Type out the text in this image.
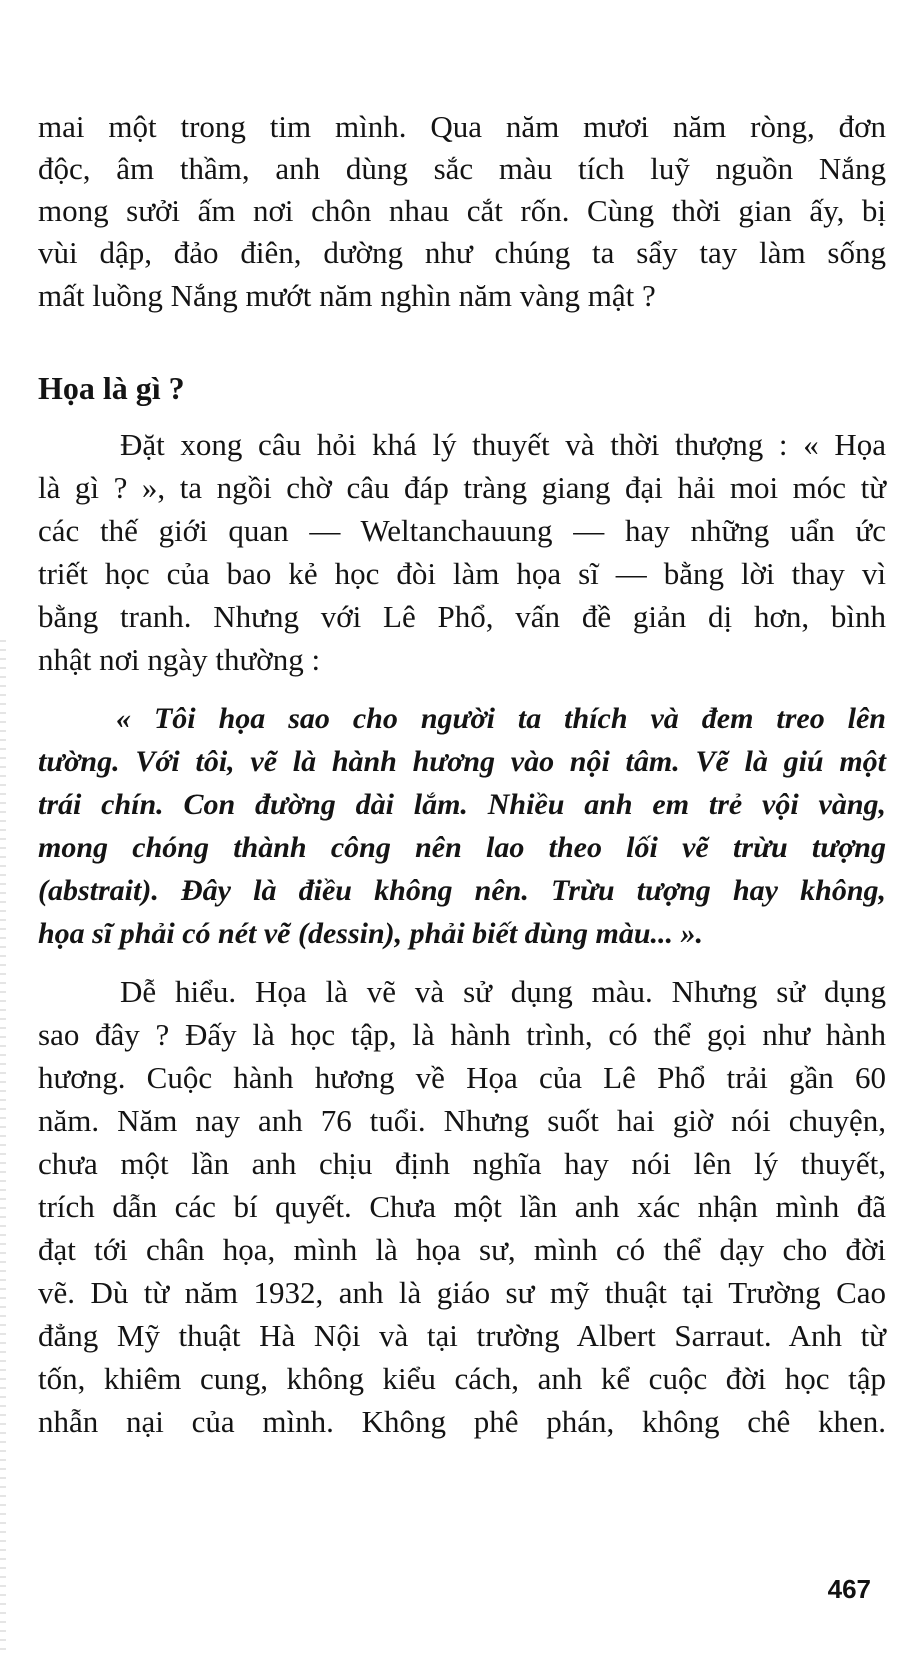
mai một trong tim mình. Qua năm mươi năm ròng, đơn
độc, âm thầm, anh dùng sắc màu tích luỹ nguồn Nắng
mong sưởi ấm nơi chôn nhau cắt rốn. Cùng thời gian ấy, bị
vùi dập, đảo điên, dường như chúng ta sẩy tay làm sống
mất luồng Nắng mướt năm nghìn năm vàng mật ?
Họa là gì ?
Đặt xong câu hỏi khá lý thuyết và thời thượng : « Họa
là gì ? », ta ngồi chờ câu đáp tràng giang đại hải moi móc từ
các thế giới quan — Weltanchauung — hay những uẩn ức
triết học của bao kẻ học đòi làm họa sĩ — bằng lời thay vì
bằng tranh. Nhưng với Lê Phổ, vấn đề giản dị hơn, bình
nhật nơi ngày thường :
« Tôi họa sao cho người ta thích và đem treo lên
tường. Với tôi, vẽ là hành hương vào nội tâm. Vẽ là giú một
trái chín. Con đường dài lắm. Nhiều anh em trẻ vội vàng,
mong chóng thành công nên lao theo lối vẽ trừu tượng
(abstrait). Đây là điều không nên. Trừu tượng hay không,
họa sĩ phải có nét vẽ (dessin), phải biết dùng màu... ».
Dễ hiểu. Họa là vẽ và sử dụng màu. Nhưng sử dụng
sao đây ? Đấy là học tập, là hành trình, có thể gọi như hành
hương. Cuộc hành hương về Họa của Lê Phổ trải gần 60
năm. Năm nay anh 76 tuổi. Nhưng suốt hai giờ nói chuyện,
chưa một lần anh chịu định nghĩa hay nói lên lý thuyết,
trích dẫn các bí quyết. Chưa một lần anh xác nhận mình đã
đạt tới chân họa, mình là họa sư, mình có thể dạy cho đời
vẽ. Dù từ năm 1932, anh là giáo sư mỹ thuật tại Trường Cao
đẳng Mỹ thuật Hà Nội và tại trường Albert Sarraut. Anh từ
tốn, khiêm cung, không kiểu cách, anh kể cuộc đời học tập
nhẫn nại của mình. Không phê phán, không chê khen.
467
